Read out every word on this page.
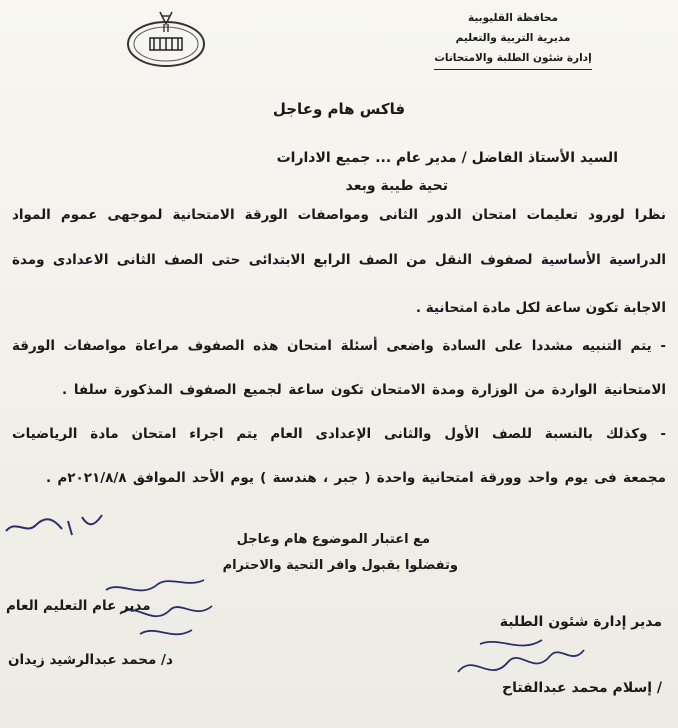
محافظة القليوبية
مديرية التربية والتعليم
إدارة شئون الطلبة والامتحانات
فاكس هام وعاجل
السيد الأستاذ الفاضل / مدير عام ... جميع الادارات
تحية طيبة وبعد
نظرا لورود تعليمات امتحان الدور الثانى ومواصفات الورقة الامتحانية لموجهى عموم المواد
الدراسية الأساسية لصفوف النقل من الصف الرابع الابتدائى حتى الصف الثانى الاعدادى ومدة
الاجابة تكون ساعة لكل مادة امتحانية .
- يتم التنبيه مشددا على السادة واضعى أسئلة امتحان هذه الصفوف مراعاة مواصفات الورقة
الامتحانية الواردة من الوزارة ومدة الامتحان تكون ساعة لجميع الصفوف المذكورة سلفا .
- وكذلك بالنسبة للصف الأول والثانى الإعدادى العام يتم اجراء امتحان مادة الرياضيات
مجمعة فى يوم واحد وورقة امتحانية واحدة ( جبر ، هندسة ) يوم الأحد الموافق ٢٠٢١/٨/٨م .
مع اعتبار الموضوع هام وعاجل
وتفضلوا بقبول وافر التحية والاحترام
مدير عام التعليم العام
د/ محمد عبدالرشيد زيدان
مدير إدارة شئون الطلبة
/ إسلام محمد عبدالفتاح
